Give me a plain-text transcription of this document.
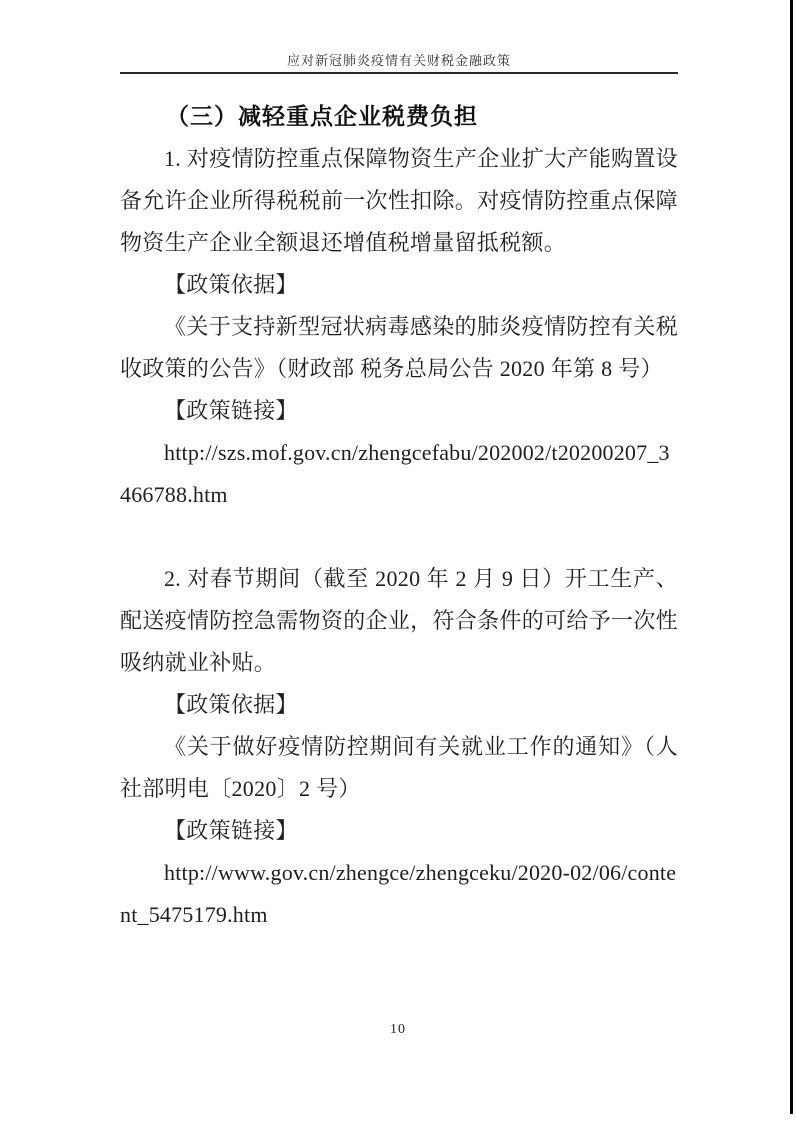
应对新冠肺炎疫情有关财税金融政策
（三）减轻重点企业税费负担

1. 对疫情防控重点保障物资生产企业扩大产能购置设备允许企业所得税税前一次性扣除。对疫情防控重点保障物资生产企业全额退还增值税增量留抵税额。

【政策依据】

《关于支持新型冠状病毒感染的肺炎疫情防控有关税收政策的公告》（财政部 税务总局公告 2020 年第 8 号）

【政策链接】

http://szs.mof.gov.cn/zhengcefabu/202002/t20200207_3466788.htm

2. 对春节期间（截至 2020 年 2 月 9 日）开工生产、配送疫情防控急需物资的企业，符合条件的可给予一次性吸纳就业补贴。

【政策依据】

《关于做好疫情防控期间有关就业工作的通知》（人社部明电〔2020〕2 号）

【政策链接】

http://www.gov.cn/zhengce/zhengceku/2020-02/06/content_5475179.htm

10
